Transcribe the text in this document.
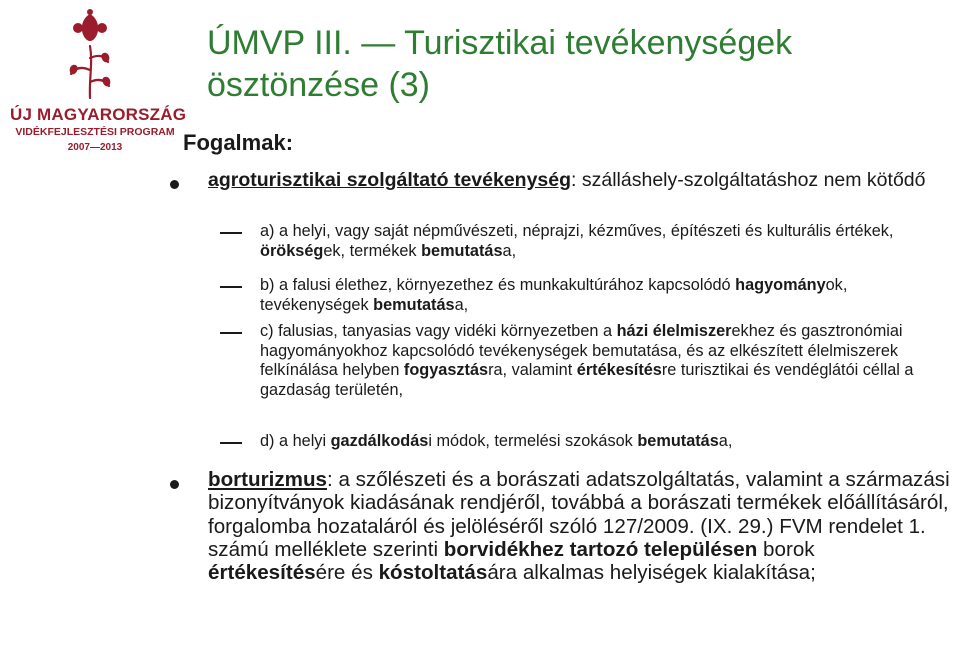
ÚJ MAGYARORSZÁG
VIDÉKFEJLESZTÉSI PROGRAM
2007—2013
ÚMVP III. — Turisztikai tevékenységek ösztönzése (3)
Fogalmak:
agroturisztikai szolgáltató tevékenység: szálláshely-szolgáltatáshoz nem kötődő
a) a helyi, vagy saját népművészeti, néprajzi, kézműves, építészeti és kulturális értékek, örökségek, termékek bemutatása,
b) a falusi élethez, környezethez és munkakultúrához kapcsolódó hagyományok, tevékenységek bemutatása,
c) falusias, tanyasias vagy vidéki környezetben a házi élelmiszerekhez és gasztronómiai hagyományokhoz kapcsolódó tevékenységek bemutatása, és az elkészített élelmiszerek felkínálása helyben fogyasztásra, valamint értékesítésre turisztikai és vendéglátói céllal a gazdaság területén,
d) a helyi gazdálkodási módok, termelési szokások bemutatása,
borturizmus: a szőlészeti és a borászati adatszolgáltatás, valamint a származási bizonyítványok kiadásának rendjéről, továbbá a borászati termékek előállításáról, forgalomba hozataláról és jelöléséről szóló 127/2009. (IX. 29.) FVM rendelet 1. számú melléklete szerinti borvidékhez tartozó településen borok értékesítésére és kóstoltatására alkalmas helyiségek kialakítása;
